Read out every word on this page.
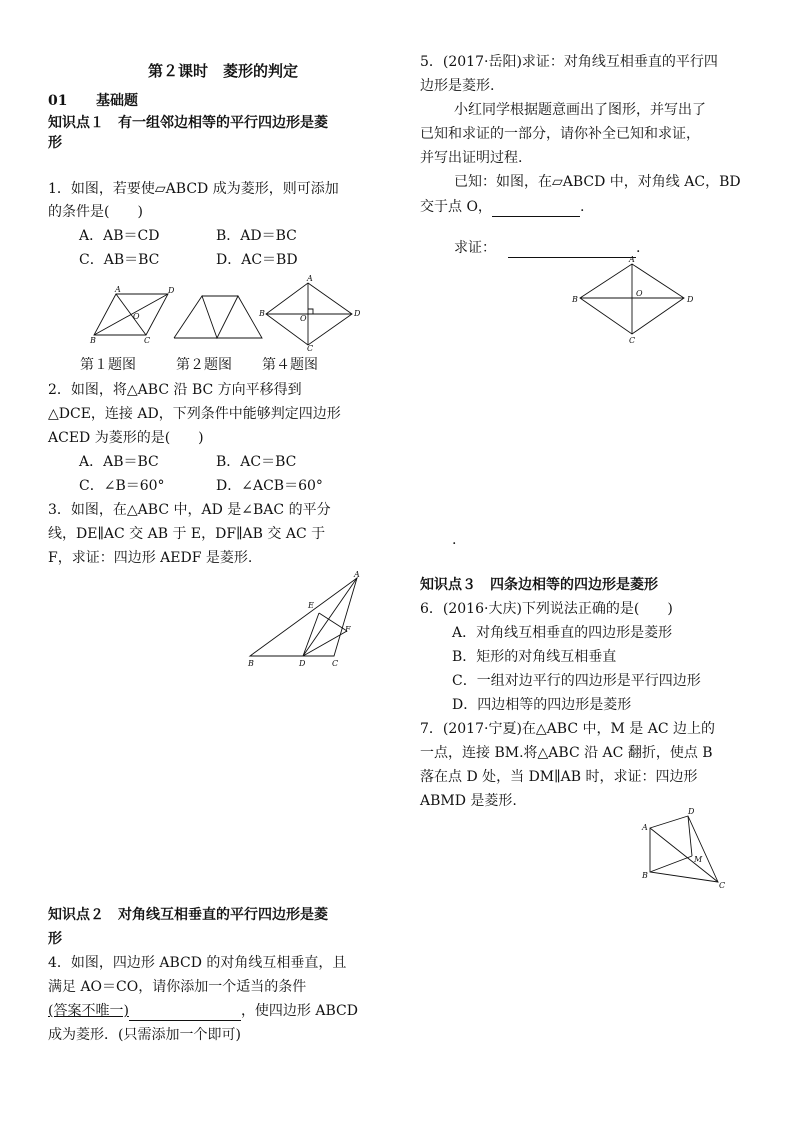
第２课时　菱形的判定
01 基础题
知识点１　有一组邻边相等的平行四边形是菱
形
1．如图，若要使▱ABCD 成为菱形，则可添加
的条件是(　　)
A．AB＝CD	B．AD＝BC
C．AB＝BC	D．AC＝BD
A	D
O
B	C
A
B
O
D
C
第１题图	第２题图 第４题图
2．如图，将△ABC 沿 BC 方向平移得到
△DCE，连接 AD，下列条件中能够判定四边形
ACED 为菱形的是(　　)
A．AB＝BC	B．AC＝BC
C．∠B＝60°	D．∠ACB＝60°
3．如图，在△ABC 中，AD 是∠BAC 的平分
线，DE∥AC 交 AB 于 E，DF∥AB 交 AC 于
F，求证：四边形 AEDF 是菱形.
A
E
F
B	D	C
知识点２　对角线互相垂直的平行四边形是菱
形
4．如图，四边形 ABCD 的对角线互相垂直，且
满足 AO＝CO，请你添加一个适当的条件
(答案不唯一)	，使四边形 ABCD
成为菱形．(只需添加一个即可)
5．(2017·岳阳)求证：对角线互相垂直的平行四
边形是菱形.
小红同学根据题意画出了图形，并写出了
已知和求证的一部分，请你补全已知和求证，
并写出证明过程.
已知：如图，在▱ABCD 中，对角线 AC，BD
交于点 O，	.
求证：	.
A
B
O
D
C
.
知识点３　四条边相等的四边形是菱形
6．(2016·大庆)下列说法正确的是(　　)
A．对角线互相垂直的四边形是菱形
B．矩形的对角线互相垂直
C．一组对边平行的四边形是平行四边形
D．四边相等的四边形是菱形
7．(2017·宁夏)在△ABC 中，M 是 AC 边上的
一点，连接 BM.将△ABC 沿 AC 翻折，使点 B
落在点 D 处，当 DM∥AB 时，求证：四边形
ABMD 是菱形.
D
A
M
B
C
